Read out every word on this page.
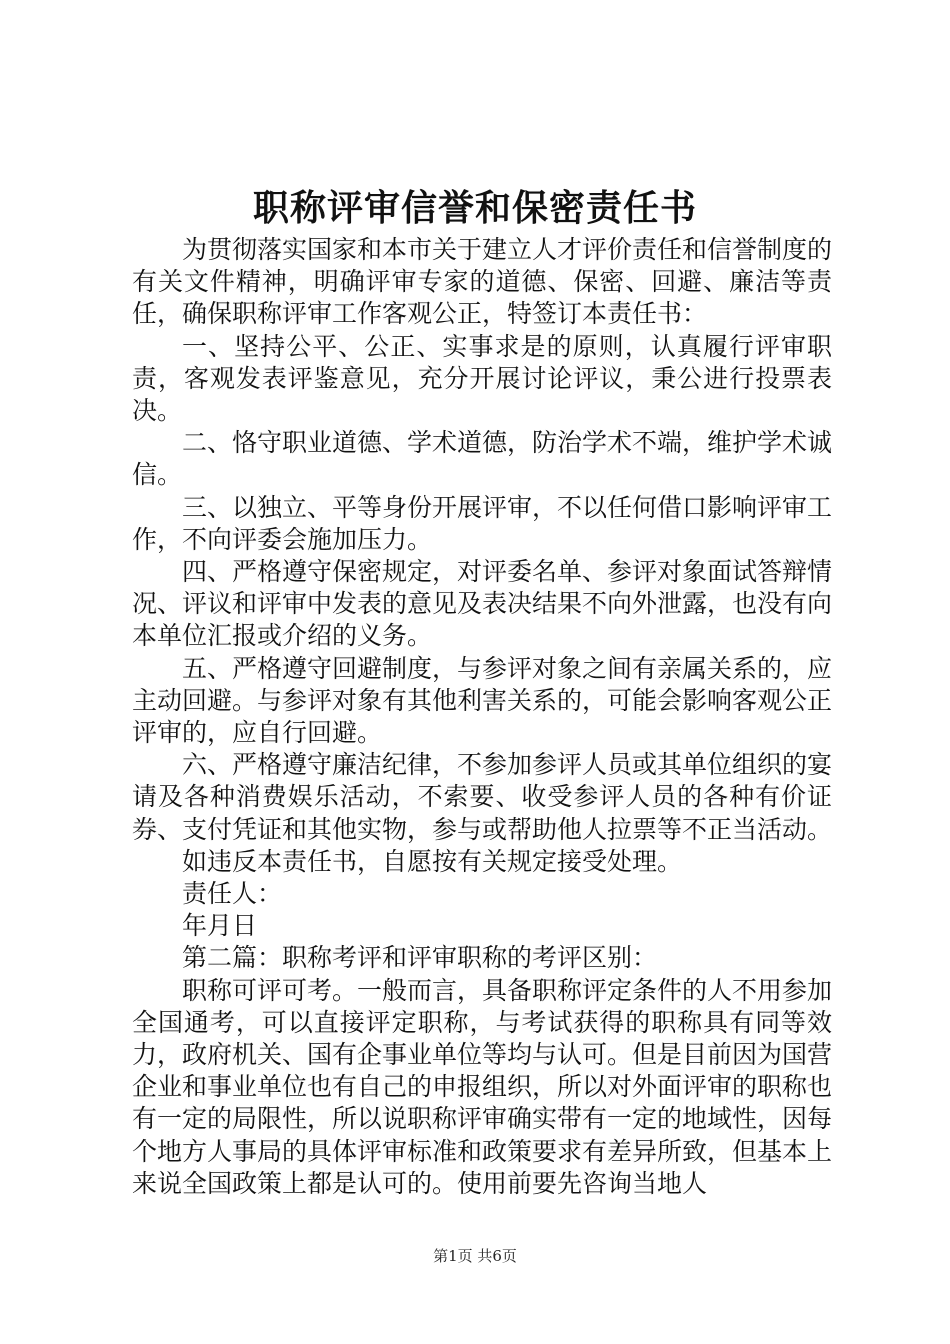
职称评审信誉和保密责任书

为贯彻落实国家和本市关于建立人才评价责任和信誉制度的有关文件精神，明确评审专家的道德、保密、回避、廉洁等责任，确保职称评审工作客观公正，特签订本责任书：

一、坚持公平、公正、实事求是的原则，认真履行评审职责，客观发表评鉴意见，充分开展讨论评议，秉公进行投票表决。

二、恪守职业道德、学术道德，防治学术不端，维护学术诚信。

三、以独立、平等身份开展评审，不以任何借口影响评审工作，不向评委会施加压力。

四、严格遵守保密规定，对评委名单、参评对象面试答辩情况、评议和评审中发表的意见及表决结果不向外泄露，也没有向本单位汇报或介绍的义务。

五、严格遵守回避制度，与参评对象之间有亲属关系的，应主动回避。与参评对象有其他利害关系的，可能会影响客观公正评审的，应自行回避。

六、严格遵守廉洁纪律，不参加参评人员或其单位组织的宴请及各种消费娱乐活动，不索要、收受参评人员的各种有价证券、支付凭证和其他实物，参与或帮助他人拉票等不正当活动。

如违反本责任书，自愿按有关规定接受处理。

责任人：

年月日

第二篇：职称考评和评审职称的考评区别：

职称可评可考。一般而言，具备职称评定条件的人不用参加全国通考，可以直接评定职称，与考试获得的职称具有同等效力，政府机关、国有企事业单位等均与认可。但是目前因为国营企业和事业单位也有自己的申报组织，所以对外面评审的职称也有一定的局限性，所以说职称评审确实带有一定的地域性，因每个地方人事局的具体评审标准和政策要求有差异所致，但基本上来说全国政策上都是认可的。使用前要先咨询当地人

第1页 共6页
